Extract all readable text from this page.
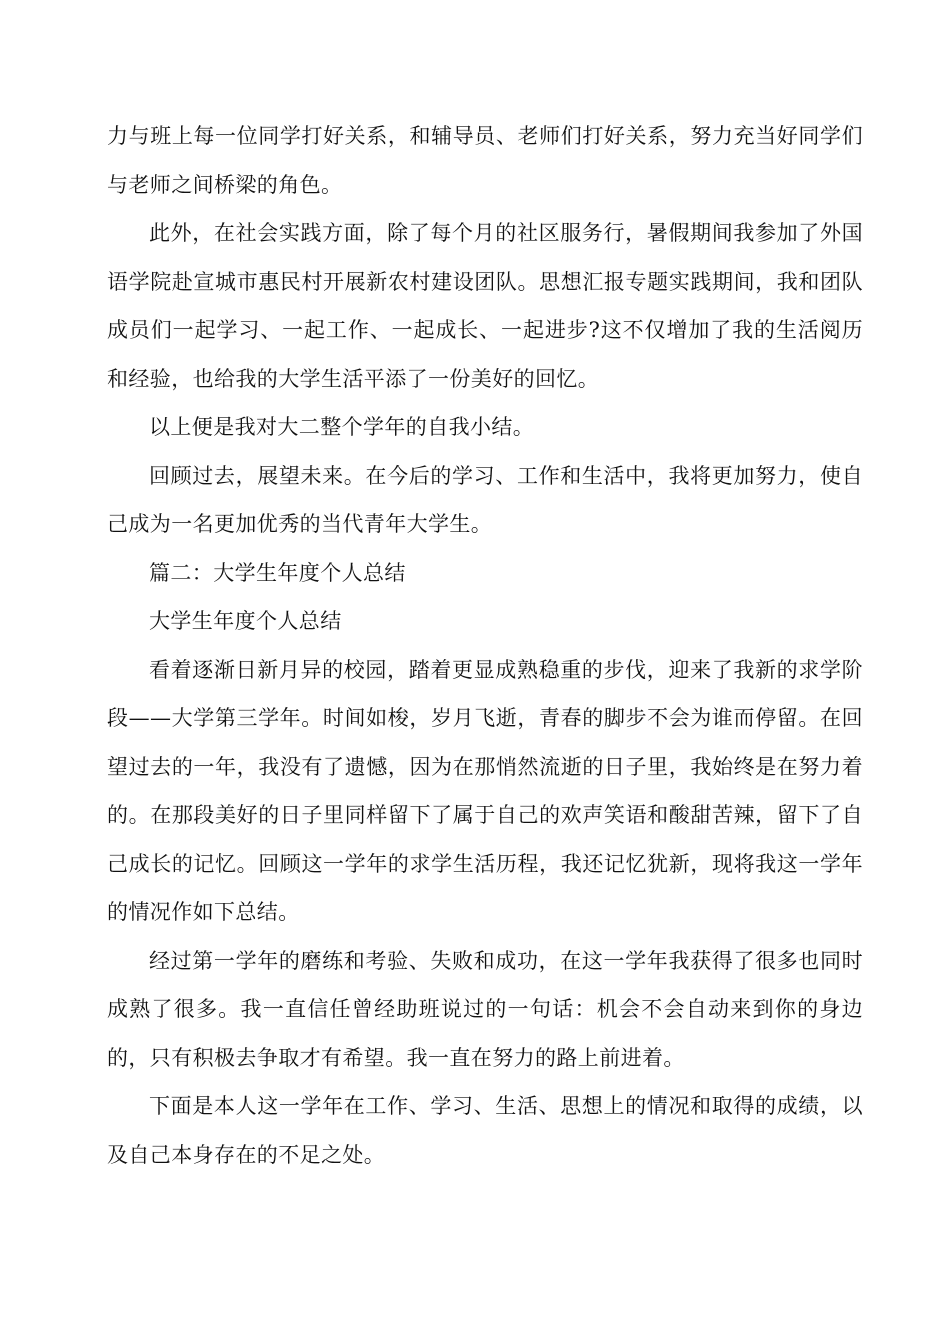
力与班上每一位同学打好关系，和辅导员、老师们打好关系，努力充当好同学们与老师之间桥梁的角色。

此外，在社会实践方面，除了每个月的社区服务行，暑假期间我参加了外国语学院赴宣城市惠民村开展新农村建设团队。思想汇报专题实践期间，我和团队成员们一起学习、一起工作、一起成长、一起进步?这不仅增加了我的生活阅历和经验，也给我的大学生活平添了一份美好的回忆。

以上便是我对大二整个学年的自我小结。

回顾过去，展望未来。在今后的学习、工作和生活中，我将更加努力，使自己成为一名更加优秀的当代青年大学生。

篇二：大学生年度个人总结

大学生年度个人总结

看着逐渐日新月异的校园，踏着更显成熟稳重的步伐，迎来了我新的求学阶段——大学第三学年。时间如梭，岁月飞逝，青春的脚步不会为谁而停留。在回望过去的一年，我没有了遗憾，因为在那悄然流逝的日子里，我始终是在努力着的。在那段美好的日子里同样留下了属于自己的欢声笑语和酸甜苦辣，留下了自己成长的记忆。回顾这一学年的求学生活历程，我还记忆犹新，现将我这一学年的情况作如下总结。

经过第一学年的磨练和考验、失败和成功，在这一学年我获得了很多也同时成熟了很多。我一直信任曾经助班说过的一句话：机会不会自动来到你的身边的，只有积极去争取才有希望。我一直在努力的路上前进着。

下面是本人这一学年在工作、学习、生活、思想上的情况和取得的成绩，以及自己本身存在的不足之处。
